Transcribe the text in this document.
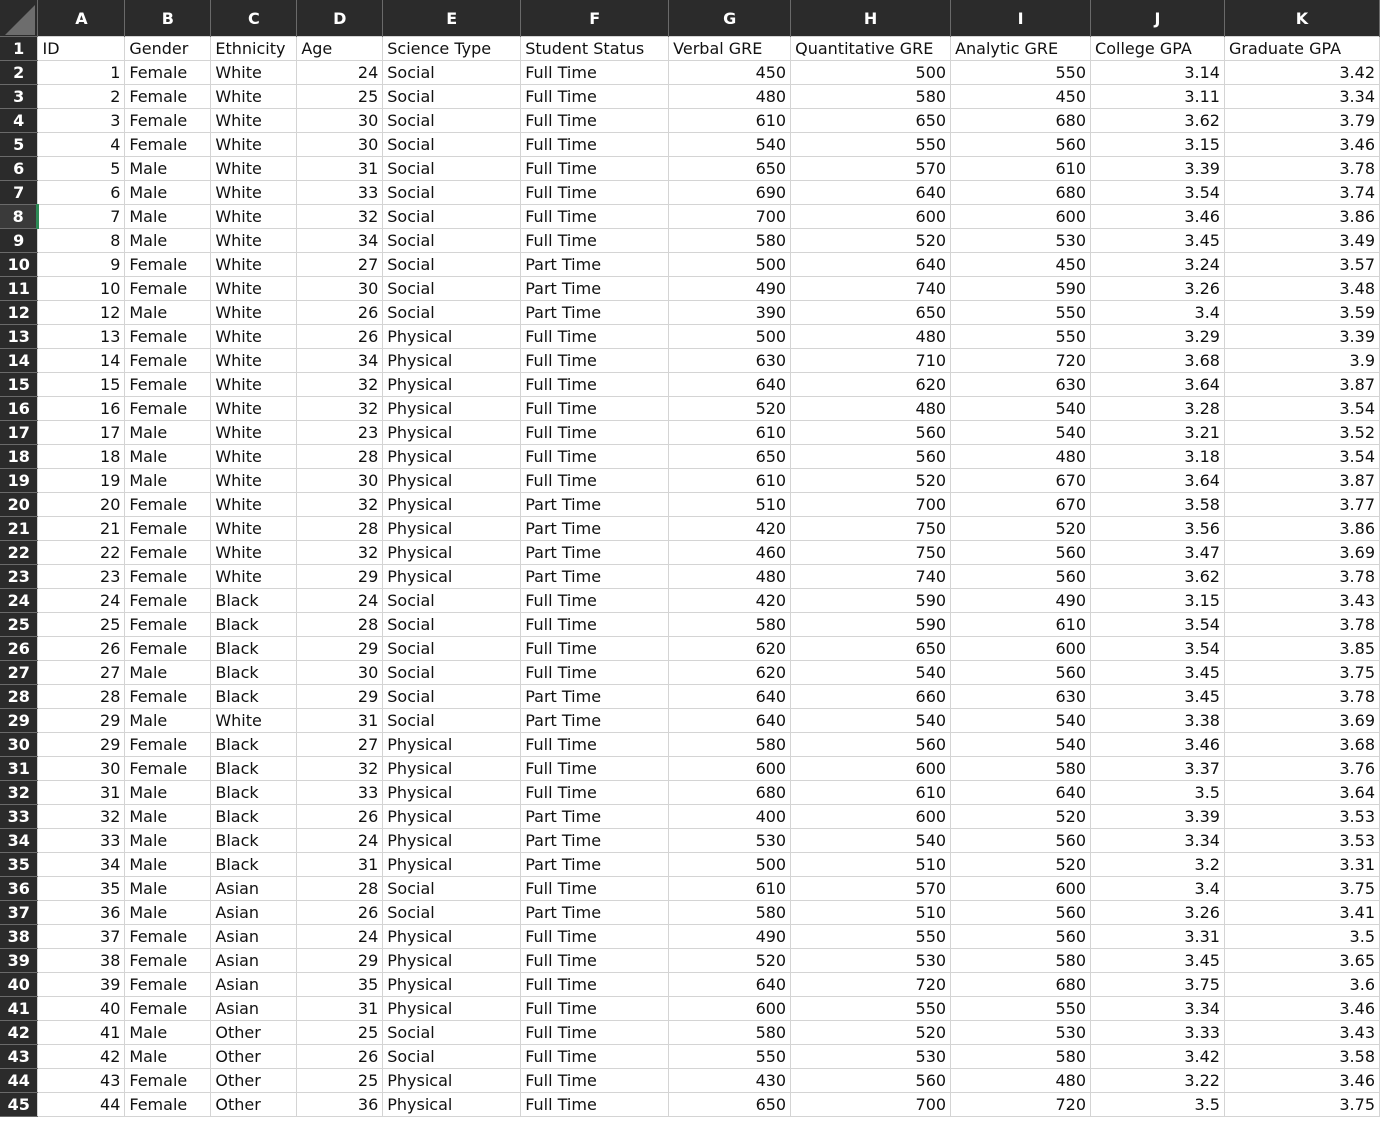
	A	B	C	D	E	F	G	H	I	J	K
1	ID	Gender	Ethnicity	Age	Science Type	Student Status	Verbal GRE	Quantitative GRE	Analytic GRE	College GPA	Graduate GPA
2	1	Female	White	24	Social	Full Time	450	500	550	3.14	3.42
3	2	Female	White	25	Social	Full Time	480	580	450	3.11	3.34
4	3	Female	White	30	Social	Full Time	610	650	680	3.62	3.79
5	4	Female	White	30	Social	Full Time	540	550	560	3.15	3.46
6	5	Male	White	31	Social	Full Time	650	570	610	3.39	3.78
7	6	Male	White	33	Social	Full Time	690	640	680	3.54	3.74
8	7	Male	White	32	Social	Full Time	700	600	600	3.46	3.86
9	8	Male	White	34	Social	Full Time	580	520	530	3.45	3.49
10	9	Female	White	27	Social	Part Time	500	640	450	3.24	3.57
11	10	Female	White	30	Social	Part Time	490	740	590	3.26	3.48
12	12	Male	White	26	Social	Part Time	390	650	550	3.4	3.59
13	13	Female	White	26	Physical	Full Time	500	480	550	3.29	3.39
14	14	Female	White	34	Physical	Full Time	630	710	720	3.68	3.9
15	15	Female	White	32	Physical	Full Time	640	620	630	3.64	3.87
16	16	Female	White	32	Physical	Full Time	520	480	540	3.28	3.54
17	17	Male	White	23	Physical	Full Time	610	560	540	3.21	3.52
18	18	Male	White	28	Physical	Full Time	650	560	480	3.18	3.54
19	19	Male	White	30	Physical	Full Time	610	520	670	3.64	3.87
20	20	Female	White	32	Physical	Part Time	510	700	670	3.58	3.77
21	21	Female	White	28	Physical	Part Time	420	750	520	3.56	3.86
22	22	Female	White	32	Physical	Part Time	460	750	560	3.47	3.69
23	23	Female	White	29	Physical	Part Time	480	740	560	3.62	3.78
24	24	Female	Black	24	Social	Full Time	420	590	490	3.15	3.43
25	25	Female	Black	28	Social	Full Time	580	590	610	3.54	3.78
26	26	Female	Black	29	Social	Full Time	620	650	600	3.54	3.85
27	27	Male	Black	30	Social	Full Time	620	540	560	3.45	3.75
28	28	Female	Black	29	Social	Part Time	640	660	630	3.45	3.78
29	29	Male	White	31	Social	Part Time	640	540	540	3.38	3.69
30	29	Female	Black	27	Physical	Full Time	580	560	540	3.46	3.68
31	30	Female	Black	32	Physical	Full Time	600	600	580	3.37	3.76
32	31	Male	Black	33	Physical	Full Time	680	610	640	3.5	3.64
33	32	Male	Black	26	Physical	Part Time	400	600	520	3.39	3.53
34	33	Male	Black	24	Physical	Part Time	530	540	560	3.34	3.53
35	34	Male	Black	31	Physical	Part Time	500	510	520	3.2	3.31
36	35	Male	Asian	28	Social	Full Time	610	570	600	3.4	3.75
37	36	Male	Asian	26	Social	Part Time	580	510	560	3.26	3.41
38	37	Female	Asian	24	Physical	Full Time	490	550	560	3.31	3.5
39	38	Female	Asian	29	Physical	Full Time	520	530	580	3.45	3.65
40	39	Female	Asian	35	Physical	Full Time	640	720	680	3.75	3.6
41	40	Female	Asian	31	Physical	Full Time	600	550	550	3.34	3.46
42	41	Male	Other	25	Social	Full Time	580	520	530	3.33	3.43
43	42	Male	Other	26	Social	Full Time	550	530	580	3.42	3.58
44	43	Female	Other	25	Physical	Full Time	430	560	480	3.22	3.46
45	44	Female	Other	36	Physical	Full Time	650	700	720	3.5	3.75
